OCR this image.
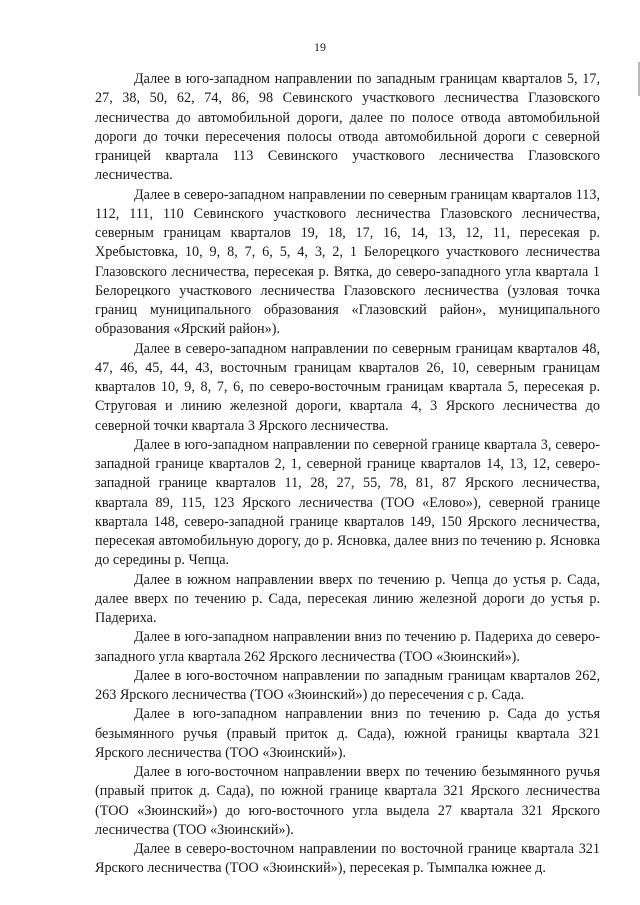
19

Далее в юго-западном направлении по западным границам кварталов 5, 17, 27, 38, 50, 62, 74, 86, 98 Севинского участкового лесничества Глазовского лесничества до автомобильной дороги, далее по полосе отвода автомобильной дороги до точки пересечения полосы отвода автомобильной дороги с северной границей квартала 113 Севинского участкового лесничества Глазовского лесничества.

Далее в северо-западном направлении по северным границам кварталов 113, 112, 111, 110 Севинского участкового лесничества Глазовского лесничества, северным границам кварталов 19, 18, 17, 16, 14, 13, 12, 11, пересекая р. Хребыстовка, 10, 9, 8, 7, 6, 5, 4, 3, 2, 1 Белорецкого участкового лесничества Глазовского лесничества, пересекая р. Вятка, до северо-западного угла квартала 1 Белорецкого участкового лесничества Глазовского лесничества (узловая точка границ муниципального образования «Глазовский район», муниципального образования «Ярский район»).

Далее в северо-западном направлении по северным границам кварталов 48, 47, 46, 45, 44, 43, восточным границам кварталов 26, 10, северным границам кварталов 10, 9, 8, 7, 6, по северо-восточным границам квартала 5, пересекая р. Струговая и линию железной дороги, квартала 4, 3 Ярского лесничества до северной точки квартала 3 Ярского лесничества.

Далее в юго-западном направлении по северной границе квартала 3, северо-западной границе кварталов 2, 1, северной границе кварталов 14, 13, 12, северо-западной границе кварталов 11, 28, 27, 55, 78, 81, 87 Ярского лесничества, квартала 89, 115, 123 Ярского лесничества (ТОО «Елово»), северной границе квартала 148, северо-западной границе кварталов 149, 150 Ярского лесничества, пересекая автомобильную дорогу, до р. Ясновка, далее вниз по течению р. Ясновка до середины р. Чепца.

Далее в южном направлении вверх по течению р. Чепца до устья р. Сада, далее вверх по течению р. Сада, пересекая линию железной дороги до устья р. Падериха.

Далее в юго-западном направлении вниз по течению р. Падериха до северо-западного угла квартала 262 Ярского лесничества (ТОО «Зюинский»).

Далее в юго-восточном направлении по западным границам кварталов 262, 263 Ярского лесничества (ТОО «Зюинский») до пересечения с р. Сада.

Далее в юго-западном направлении вниз по течению р. Сада до устья безымянного ручья (правый приток д. Сада), южной границы квартала 321 Ярского лесничества (ТОО «Зюинский»).

Далее в юго-восточном направлении вверх по течению безымянного ручья (правый приток д. Сада), по южной границе квартала 321 Ярского лесничества (ТОО «Зюинский») до юго-восточного угла выдела 27 квартала 321 Ярского лесничества (ТОО «Зюинский»).

Далее в северо-восточном направлении по восточной границе квартала 321 Ярского лесничества (ТОО «Зюинский»), пересекая р. Тымпалка южнее д.
